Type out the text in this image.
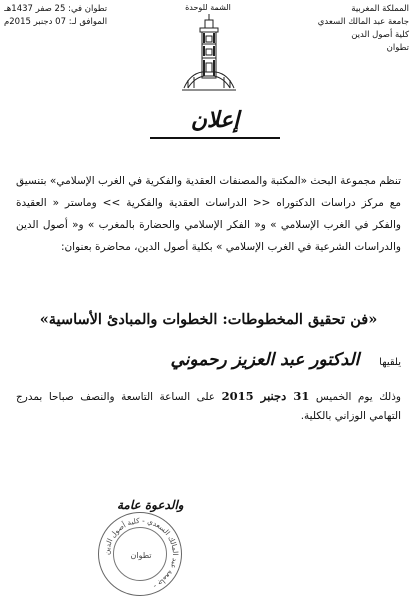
المملكة المغربية
جامعة عبد المالك السعدي
كلية أصول الدين
تطوان
تطوان في: 25 صفر 1437هـ
الموافق لـ: 07 دجنبر 2015م
الشمة للوحدة
إعلان
تنظم مجموعة البحث «المكتبة والمصنفات العقدية والفكرية في الغرب الإسلامي» بتنسيق مع مركز دراسات الدكتوراه << الدراسات العقدية والفكرية >> وماستر « العقيدة والفكر في الغرب الإسلامي » و« الفكر الإسلامي والحضارة بالمغرب » و« أصول الدين والدراسات الشرعية في الغرب الإسلامي » بكلية أصول الدين، محاضرة بعنوان:
«فن تحقيق المخطوطات: الخطوات والمبادئ الأساسية»
يلقيها الدكتور عبد العزيز رحموني
وذلك يوم الخميس 31 دجنبر 2015 على الساعة التاسعة والنصف صباحا بمدرج التهامي الوزاني بالكلية.
والدعوة عامة
جامعة عبد المالك السعدي - كلية أصول الدين -
تطوان
